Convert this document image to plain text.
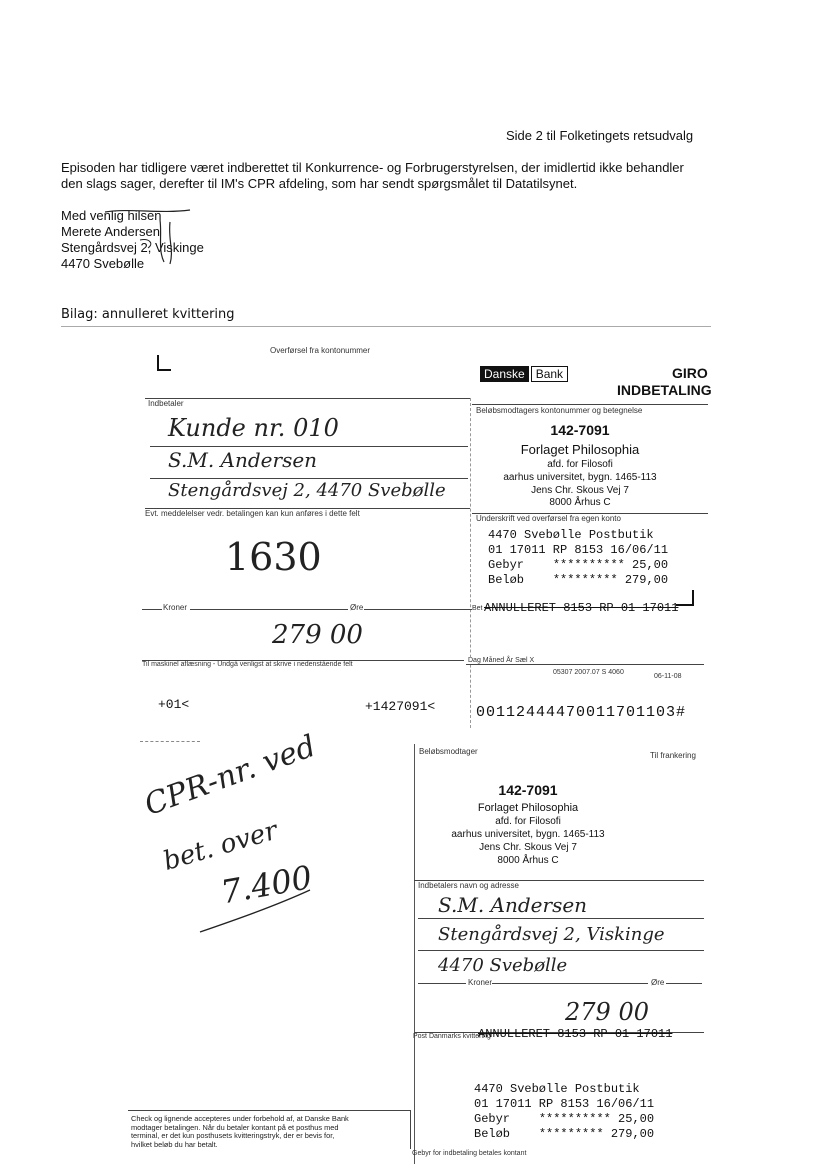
Side 2 til Folketingets retsudvalg
Episoden har tidligere været indberettet til Konkurrence- og Forbrugerstyrelsen, der imidlertid ikke behandler
den slags sager, derefter til IM's CPR afdeling, som har sendt spørgsmålet til Datatilsynet.
Med venlig hilsen
Merete Andersen
Stengårdsvej 2, Viskinge
4470 Svebølle
Bilag: annulleret kvittering
Overførsel fra kontonummer
Danske Bank	GIRO
INDBETALING
Indbetaler
Beløbsmodtagers kontonummer og betegnelse
Kunde nr. 010
S.M. Andersen
Stengårdsvej 2, 4470 Svebølle
142-7091
Forlaget Philosophia
afd. for Filosofi
aarhus universitet, bygn. 1465-113
Jens Chr. Skous Vej 7
8000 Århus C
Evt. meddelelser vedr. betalingen kan kun anføres i dette felt
Underskrift ved overførsel fra egen konto
1630	4470 Svebølle Postbutik
01 17011 RP 8153 16/06/11
Gebyr ********** 25,00
Beløb ********* 279,00
Kroner	Øre	Bet ANNULLERET 8153 RP 01 17011
279 00
Til maskinel aflæsning - Undgå venligst at skrive i nedenstående felt
Dag Måned År Sæl X
05307 2007.07 S 4060
06-11-08
+01<	+1427091<	00112444470011701103#
Beløbsmodtager	Til frankering
142-7091
Forlaget Philosophia
afd. for Filosofi
aarhus universitet, bygn. 1465-113
Jens Chr. Skous Vej 7
8000 Århus C
Indbetalers navn og adresse
S.M. Andersen
Stengårdsvej 2, Viskinge
4470 Svebølle
Kroner	Øre
279 00
Post Danmarks kvittering
ANNULLERET 8153 RP 01 17011
4470 Svebølle Postbutik
01 17011 RP 8153 16/06/11
Gebyr ********** 25,00
Beløb ********* 279,00
Check og lignende accepteres under forbehold af, at Danske Bank
modtager betalingen. Når du betaler kontant på et posthus med
terminal, er det kun posthusets kvitteringstryk, der er bevis for,
hvilket beløb du har betalt.
Gebyr for indbetaling betales kontant
CPR-nr. ved
bet. over
7.400
